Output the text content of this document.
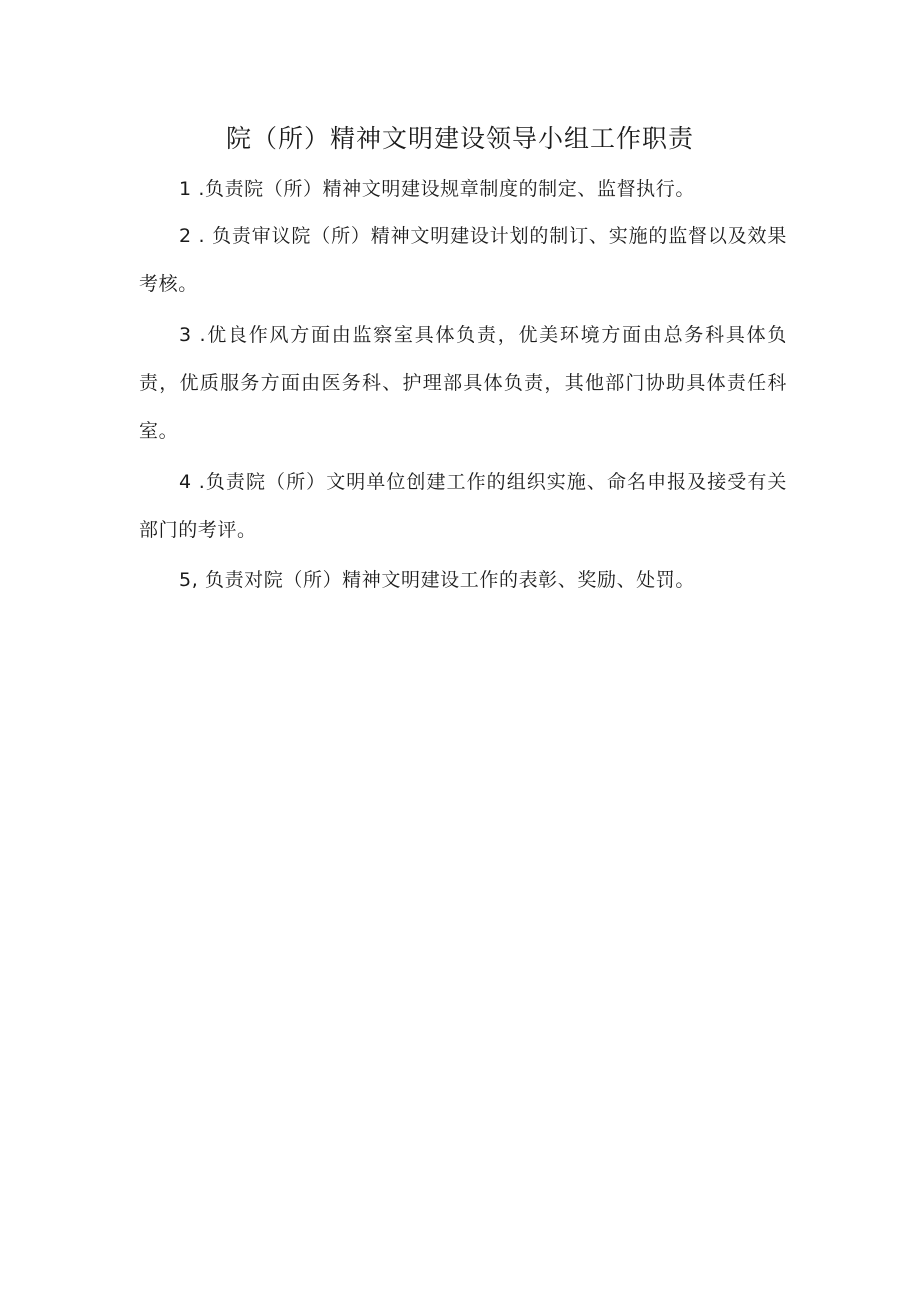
院（所）精神文明建设领导小组工作职责

1 .负责院（所）精神文明建设规章制度的制定、监督执行。

2 . 负责审议院（所）精神文明建设计划的制订、实施的监督以及效果考核。

3 .优良作风方面由监察室具体负责，优美环境方面由总务科具体负责，优质服务方面由医务科、护理部具体负责，其他部门协助具体责任科室。

4 .负责院（所）文明单位创建工作的组织实施、命名申报及接受有关部门的考评。

5, 负责对院（所）精神文明建设工作的表彰、奖励、处罚。
